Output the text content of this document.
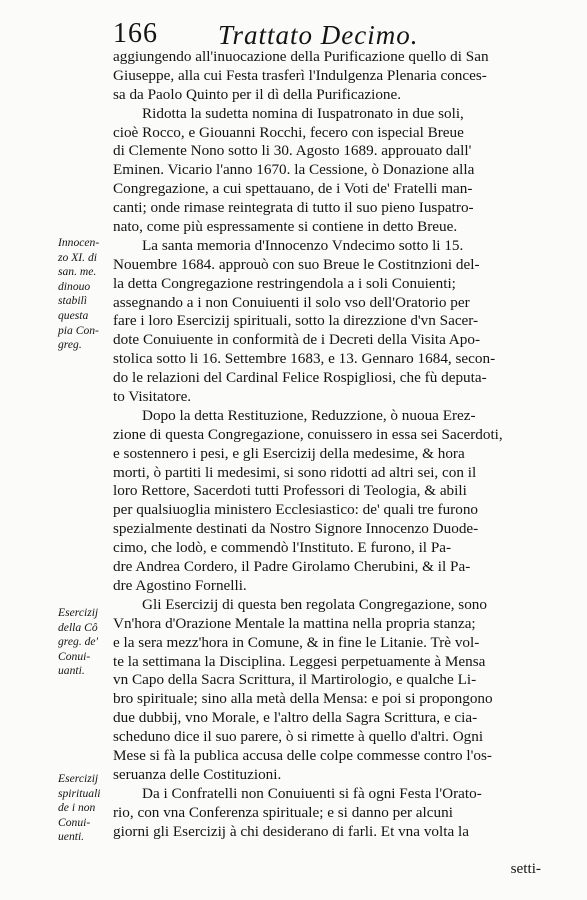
166 Trattato Decimo.
aggiungendo all'inuocazione della Purificazione quello di San
Giuseppe, alla cui Festa trasferì l'Indulgenza Plenaria conces-
sa da Paolo Quinto per il dì della Purificazione.
Ridotta la sudetta nomina di Iuspatronato in due soli,
cioè Rocco, e Giouanni Rocchi, fecero con ispecial Breue
di Clemente Nono sotto li 30. Agosto 1689. approuato dall'
Eminen. Vicario l'anno 1670. la Cessione, ò Donazione alla
Congregazione, a cui spettauano, de i Voti de' Fratelli man-
canti; onde rimase reintegrata di tutto il suo pieno Iuspatro-
nato, come più espressamente si contiene in detto Breue.
La santa memoria d'Innocenzo Vndecimo sotto li 15.
Nouembre 1684. approuò con suo Breue le Costitnzioni del-
la detta Congregazione restringendola a i soli Conuienti;
assegnando a i non Conuiuenti il solo vso dell'Oratorio per
fare i loro Esercizij spirituali, sotto la direzzione d'vn Sacer-
dote Conuiuente in conformità de i Decreti della Visita Apo-
stolica sotto li 16. Settembre 1683, e 13. Gennaro 1684, secon-
do le relazioni del Cardinal Felice Rospigliosi, che fù deputa-
to Visitatore.
Dopo la detta Restituzione, Reduzzione, ò nuoua Erez-
zione di questa Congregazione, conuissero in essa sei Sacerdoti,
e sostennero i pesi, e gli Esercizij della medesime, & hora
morti, ò partiti li medesimi, si sono ridotti ad altri sei, con il
loro Rettore, Sacerdoti tutti Professori di Teologia, & abili
per qualsiuoglia ministero Ecclesiastico: de' quali tre furono
spezialmente destinati da Nostro Signore Innocenzo Duode-
cimo, che lodò, e commendò l'Instituto. E furono, il Pa-
dre Andrea Cordero, il Padre Girolamo Cherubini, & il Pa-
dre Agostino Fornelli.
Gli Esercizij di questa ben regolata Congregazione, sono
Vn'hora d'Orazione Mentale la mattina nella propria stanza;
e la sera mezz'hora in Comune, & in fine le Litanie. Trè vol-
te la settimana la Disciplina. Leggesi perpetuamente à Mensa
vn Capo della Sacra Scrittura, il Martirologio, e qualche Li-
bro spirituale; sino alla metà della Mensa: e poi si propongono
due dubbij, vno Morale, e l'altro della Sagra Scrittura, e cia-
scheduno dice il suo parere, ò si rimette à quello d'altri. Ogni
Mese si fà la publica accusa delle colpe commesse contro l'os-
seruanza delle Costituzioni.
Da i Confratelli non Conuiuenti si fà ogni Festa l'Orato-
rio, con vna Conferenza spirituale; e si danno per alcuni
giorni gli Esercizij à chi desiderano di farli. Et vna volta la
Innocen-
zo XI. di
san. me.
dinouo
stabilì
questa
pia Con-
greg.
Esercizij
della Cô
greg. de'
Conui-
uanti.
Esercizij
spirituali
de i non
Conui-
uenti.
setti-
